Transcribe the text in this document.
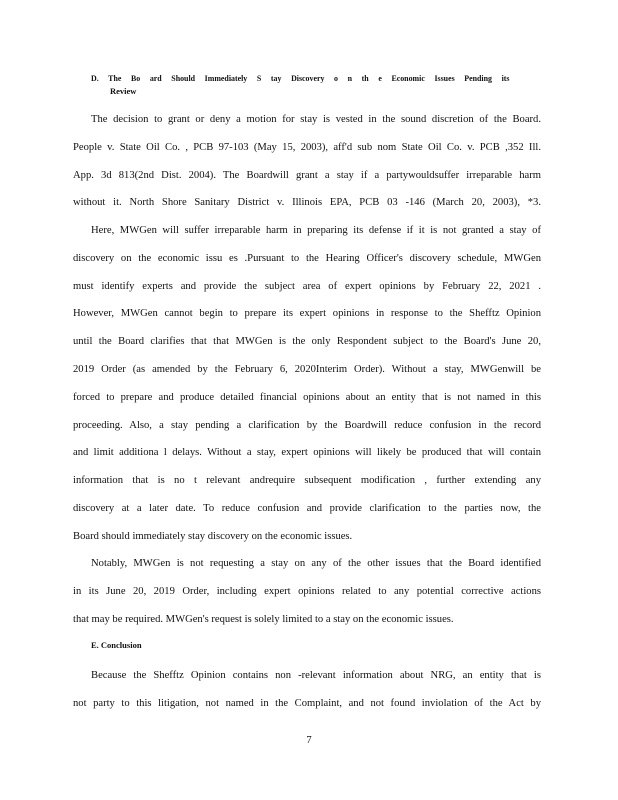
D. The Bo ard Should Immediately S tay Discovery o n th e Economic Issues Pending its
Review
The decision to grant or deny a motion for stay is vested in the sound discretion of the Board.
People v. State Oil Co. , PCB 97-103 (May 15, 2003), aff'd sub nom State Oil Co. v. PCB ,352 Ill.
App. 3d 813(2nd Dist. 2004). The Boardwill grant a stay if a partywouldsuffer irreparable harm
without it. North Shore Sanitary District v. Illinois EPA, PCB 03 -146 (March 20, 2003), *3.
Here, MWGen will suffer irreparable harm in preparing its defense if it is not granted a stay of
discovery on the economic issu es .Pursuant to the Hearing Officer's discovery schedule, MWGen
must identify experts and provide the subject area of expert opinions by February 22, 2021 .
However, MWGen cannot begin to prepare its expert opinions in response to the Shefftz Opinion
until the Board clarifies that that MWGen is the only Respondent subject to the Board's June 20,
2019 Order (as amended by the February 6, 2020Interim Order). Without a stay, MWGenwill be
forced to prepare and produce detailed financial opinions about an entity that is not named in this
proceeding. Also, a stay pending a clarification by the Boardwill reduce confusion in the record
and limit additiona l delays. Without a stay, expert opinions will likely be produced that will contain
information that is no t relevant andrequire subsequent modification , further extending any
discovery at a later date. To reduce confusion and provide clarification to the parties now, the
Board should immediately stay discovery on the economic issues.
Notably, MWGen is not requesting a stay on any of the other issues that the Board identified
in its June 20, 2019 Order, including expert opinions related to any potential corrective actions
that may be required. MWGen's request is solely limited to a stay on the economic issues.
E. Conclusion
Because the Shefftz Opinion contains non -relevant information about NRG, an entity that is
not party to this litigation, not named in the Complaint, and not found inviolation of the Act by
7
